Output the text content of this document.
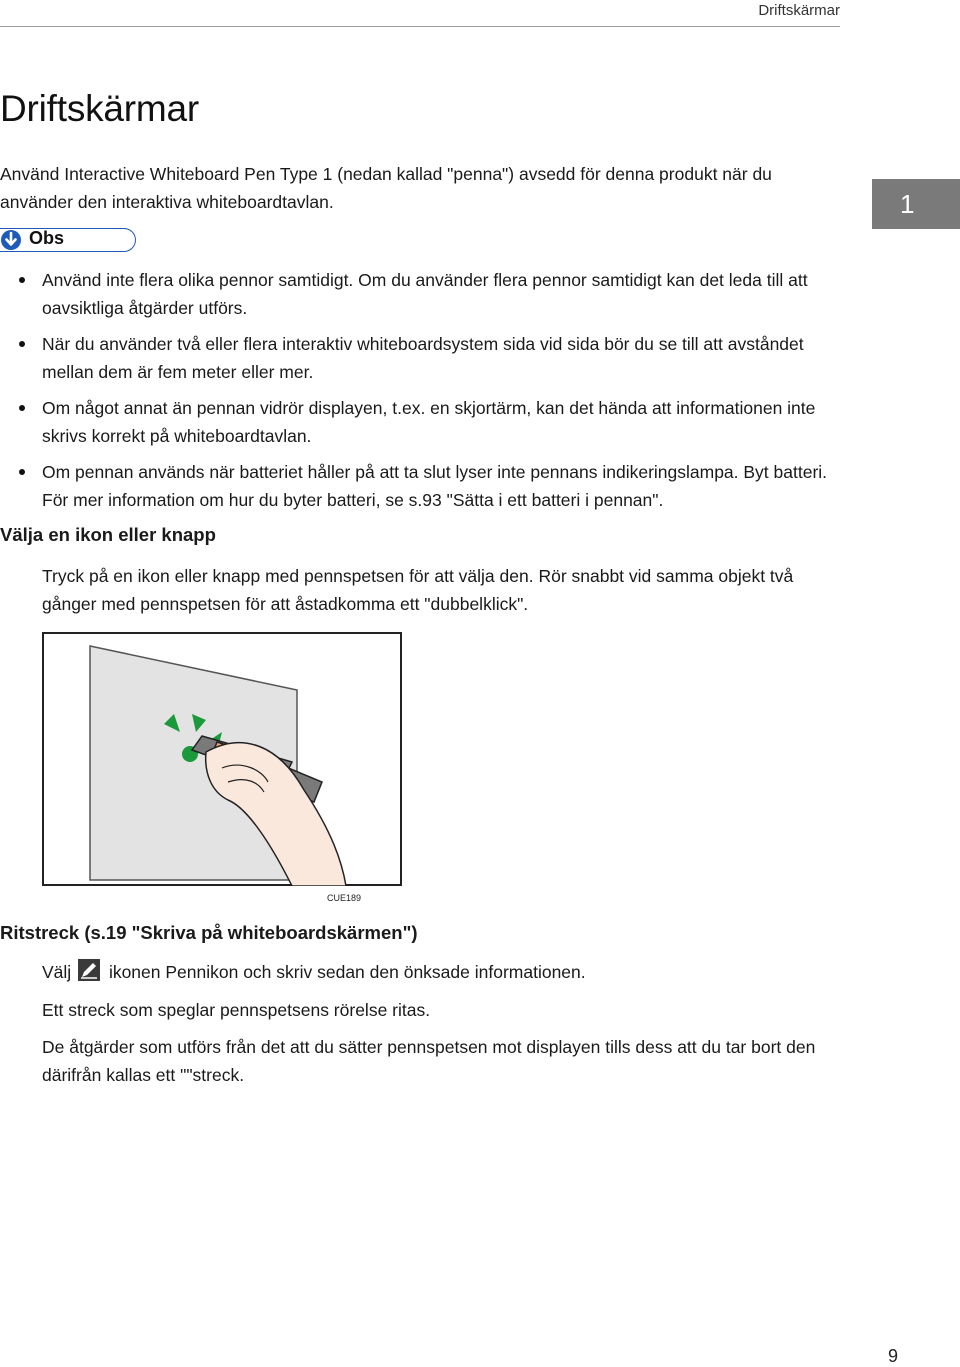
Driftskärmar
Driftskärmar

Använd Interactive Whiteboard Pen Type 1 (nedan kallad "penna") avsedd för denna produkt när du använder den interaktiva whiteboardtavlan.	1
Obs
Använd inte flera olika pennor samtidigt. Om du använder flera pennor samtidigt kan det leda till att oavsiktliga åtgärder utförs.
När du använder två eller flera interaktiv whiteboardsystem sida vid sida bör du se till att avståndet mellan dem är fem meter eller mer.
Om något annat än pennan vidrör displayen, t.ex. en skjortärm, kan det hända att informationen inte skrivs korrekt på whiteboardtavlan.
Om pennan används när batteriet håller på att ta slut lyser inte pennans indikeringslampa. Byt batteri. För mer information om hur du byter batteri, se s.93 "Sätta i ett batteri i pennan".
Välja en ikon eller knapp

Tryck på en ikon eller knapp med pennspetsen för att välja den. Rör snabbt vid samma objekt två gånger med pennspetsen för att åstadkomma ett "dubbelklick".

CUE189
Ritstreck (s.19 "Skriva på whiteboardskärmen")

Välj ikonen Pennikon och skriv sedan den önksade informationen.

Ett streck som speglar pennspetsens rörelse ritas.

De åtgärder som utförs från det att du sätter pennspetsen mot displayen tills dess att du tar bort den därifrån kallas ett ""streck.

9
